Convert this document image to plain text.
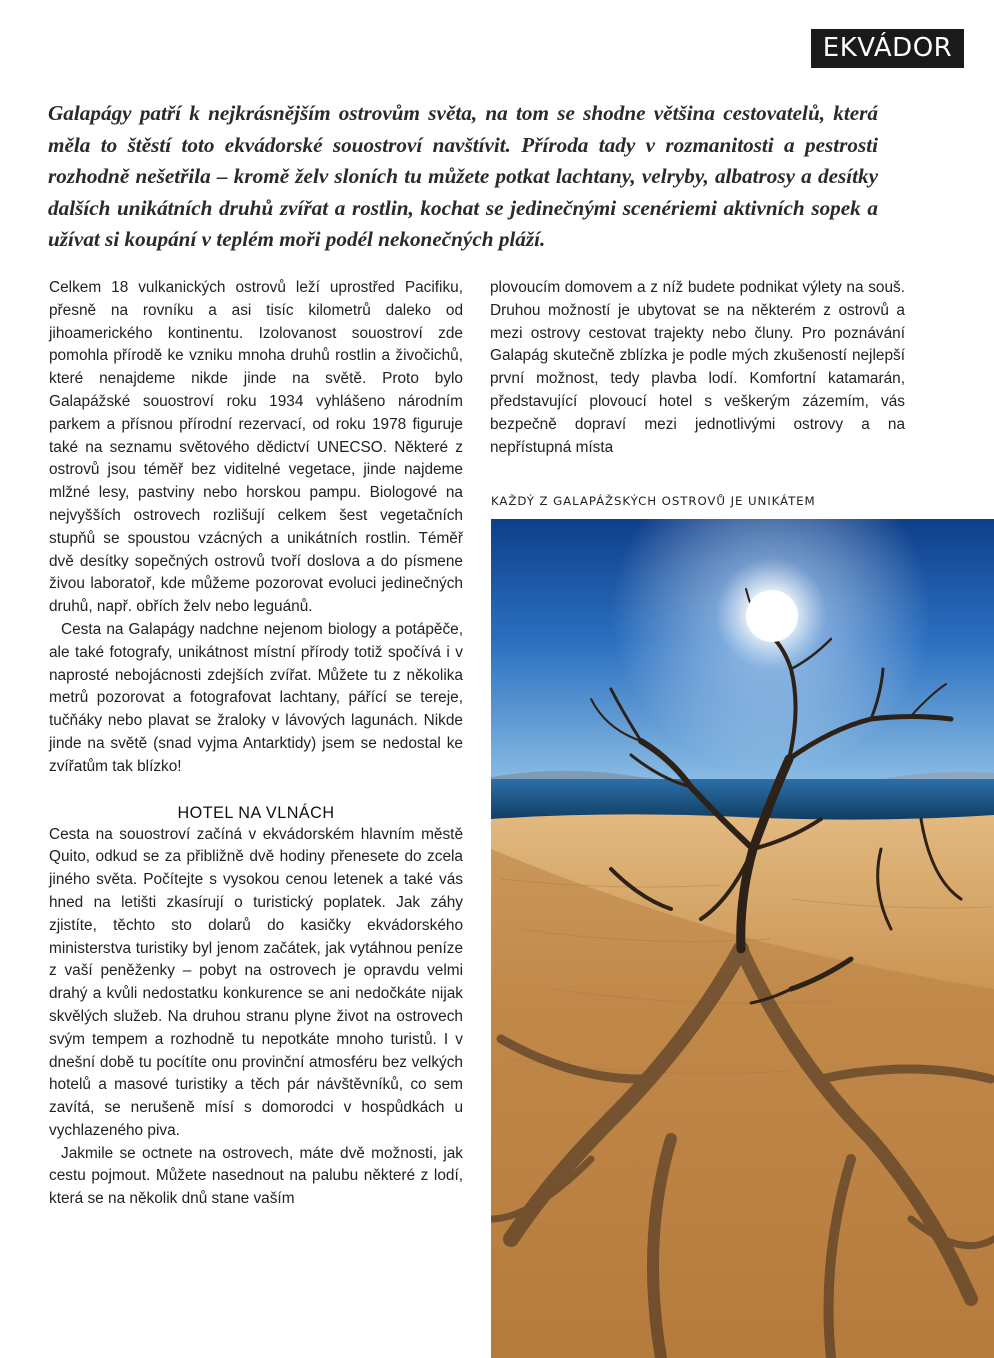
EKVÁDOR
Galapágy patří k nejkrásnějším ostrovům světa, na tom se shodne většina cestovatelů, která měla to štěstí toto ekvádorské souostroví navštívit. Příroda tady v rozmanitosti a pestrosti rozhodně nešetřila – kromě želv sloních tu můžete potkat lachtany, velryby, albatrosy a desítky dalších unikátních druhů zvířat a rostlin, kochat se jedinečnými scenériemi aktivních sopek a užívat si koupání v teplém moři podél nekonečných pláží.

Celkem 18 vulkanických ostrovů leží uprostřed Pacifiku, přesně na rovníku a asi tisíc kilometrů daleko od jihoamerického kontinentu. Izolovanost souostroví zde pomohla přírodě ke vzniku mnoha druhů rostlin a živočichů, které nenajdeme nikde jinde na světě. Proto bylo Galapážské souostroví roku 1934 vyhlášeno národním parkem a přísnou přírodní rezervací, od roku 1978 figuruje také na seznamu světového dědictví UNECSO. Některé z ostrovů jsou téměř bez viditelné vegetace, jinde najdeme mlžné lesy, pastviny nebo horskou pampu. Biologové na nejvyšších ostrovech rozlišují celkem šest vegetačních stupňů se spoustou vzácných a unikátních rostlin. Téměř dvě desítky sopečných ostrovů tvoří doslova a do písmene živou laboratoř, kde můžeme pozorovat evoluci jedinečných druhů, např. obřích želv nebo leguánů.

Cesta na Galapágy nadchne nejenom biology a potápěče, ale také fotografy, unikátnost místní přírody totiž spočívá i v naprosté nebojácnosti zdejších zvířat. Můžete tu z několika metrů pozorovat a fotografovat lachtany, pářící se tereje, tučňáky nebo plavat se žraloky v lávových lagunách. Nikde jinde na světě (snad vyjma Antarktidy) jsem se nedostal ke zvířatům tak blízko!

HOTEL NA VLNÁCH

Cesta na souostroví začíná v ekvádorském hlavním městě Quito, odkud se za přibližně dvě hodiny přenesete do zcela jiného světa. Počítejte s vysokou cenou letenek a také vás hned na letišti zkasírují o turistický poplatek. Jak záhy zjistíte, těchto sto dolarů do kasičky ekvádorského ministerstva turistiky byl jenom začátek, jak vytáhnou peníze z vaší peněženky – pobyt na ostrovech je opravdu velmi drahý a kvůli nedostatku konkurence se ani nedočkáte nijak skvělých služeb. Na druhou stranu plyne život na ostrovech svým tempem a rozhodně tu nepotkáte mnoho turistů. I v dnešní době tu pocítíte onu provinční atmosféru bez velkých hotelů a masové turistiky a těch pár návštěvníků, co sem zavítá, se nerušeně mísí s domorodci v hospůdkách u vychlazeného piva.

Jakmile se octnete na ostrovech, máte dvě možnosti, jak cestu pojmout. Můžete nasednout na palubu některé z lodí, která se na několik dnů stane vaším

plovoucím domovem a z níž budete podnikat výlety na souš. Druhou možností je ubytovat se na některém z ostrovů a mezi ostrovy cestovat trajekty nebo čluny. Pro poznávání Galapág skutečně zblízka je podle mých zkušeností nejlepší první možnost, tedy plavba lodí. Komfortní katamarán, představující plovoucí hotel s veškerým zázemím, vás bezpečně dopraví mezi jednotlivými ostrovy a na nepřístupná místa

KAŽDÝ Z GALAPÁŽSKÝCH OSTROVŮ JE UNIKÁTEM
